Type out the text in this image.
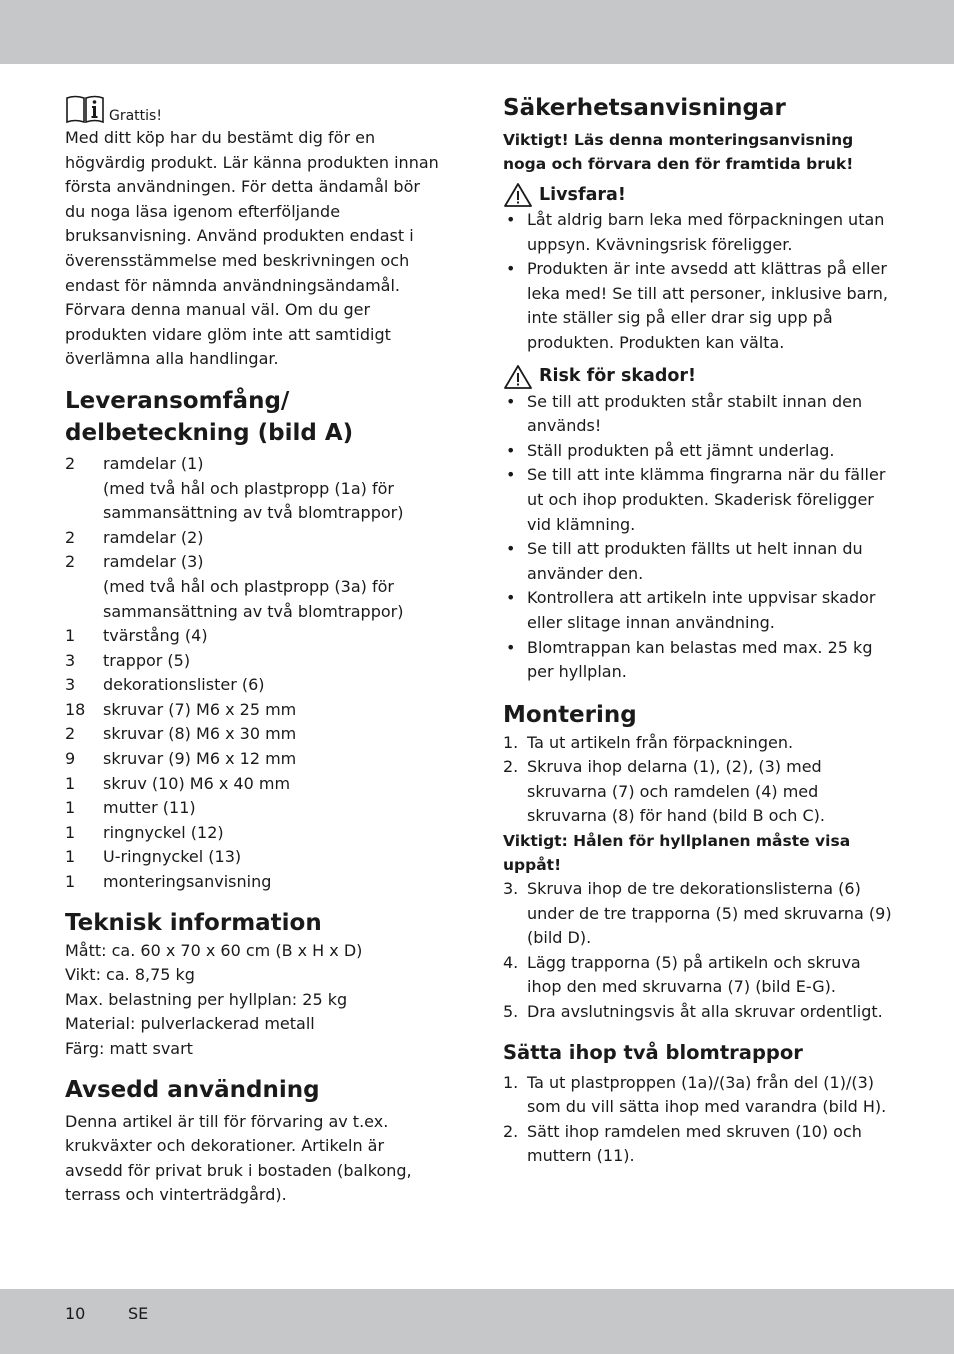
Grattis!

Med ditt köp har du bestämt dig för en högvärdig produkt. Lär känna produkten innan första användningen. För detta ändamål bör du noga läsa igenom efterföljande bruksanvisning. Använd produkten endast i överensstämmelse med beskrivningen och endast för nämnda användningsändamål. Förvara denna manual väl. Om du ger produkten vidare glöm inte att samtidigt överlämna alla handlingar.

Leveransomfång/ delbeteckning (bild A)
2	ramdelar (1)
(med två hål och plastpropp (1a) för
sammansättning av två blomtrappor)
2	ramdelar (2)
2	ramdelar (3)
(med två hål och plastpropp (3a) för
sammansättning av två blomtrappor)
1	tvärstång (4)
3	trappor (5)
3	dekorationslister (6)
18	skruvar (7) M6 x 25 mm
2	skruvar (8) M6 x 30 mm
9	skruvar (9) M6 x 12 mm
1	skruv (10) M6 x 40 mm
1	mutter (11)
1	ringnyckel (12)
1	U-ringnyckel (13)
1	monteringsanvisning
Teknisk information

Mått: ca. 60 x 70 x 60 cm (B x H x D)

Vikt: ca. 8,75 kg

Max. belastning per hyllplan: 25 kg

Material: pulverlackerad metall

Färg: matt svart

Avsedd användning

Denna artikel är till för förvaring av t.ex. krukväxter och dekorationer. Artikeln är avsedd för privat bruk i bostaden (balkong, terrass och vinterträdgård).

Säkerhetsanvisningar

Viktigt! Läs denna monteringsanvisning noga och förvara den för framtida bruk!

Livsfara!
• Låt aldrig barn leka med förpackningen utan uppsyn. Kvävningsrisk föreligger.
• Produkten är inte avsedd att klättras på eller leka med! Se till att personer, inklusive barn, inte ställer sig på eller drar sig upp på produkten. Produkten kan välta.
Risk för skador!
• Se till att produkten står stabilt innan den används!
• Ställ produkten på ett jämnt underlag.
• Se till att inte klämma fingrarna när du fäller ut och ihop produkten. Skaderisk föreligger vid klämning.
• Se till att produkten fällts ut helt innan du använder den.
• Kontrollera att artikeln inte uppvisar skador eller slitage innan användning.
• Blomtrappan kan belastas med max. 25 kg per hyllplan.
Montering
1. Ta ut artikeln från förpackningen.
2. Skruva ihop delarna (1), (2), (3) med skruvarna (7) och ramdelen (4) med skruvarna (8) för hand (bild B och C).

Viktigt: Hålen för hyllplanen måste visa uppåt!

3. Skruva ihop de tre dekorationslisterna (6) under de tre trapporna (5) med skruvarna (9) (bild D).
4. Lägg trapporna (5) på artikeln och skruva ihop den med skruvarna (7) (bild E-G).
5. Dra avslutningsvis åt alla skruvar ordentligt.
Sätta ihop två blomtrappor
1. Ta ut plastproppen (1a)/(3a) från del (1)/(3) som du vill sätta ihop med varandra (bild H).
2. Sätt ihop ramdelen med skruven (10) och muttern (11).
10	SE
